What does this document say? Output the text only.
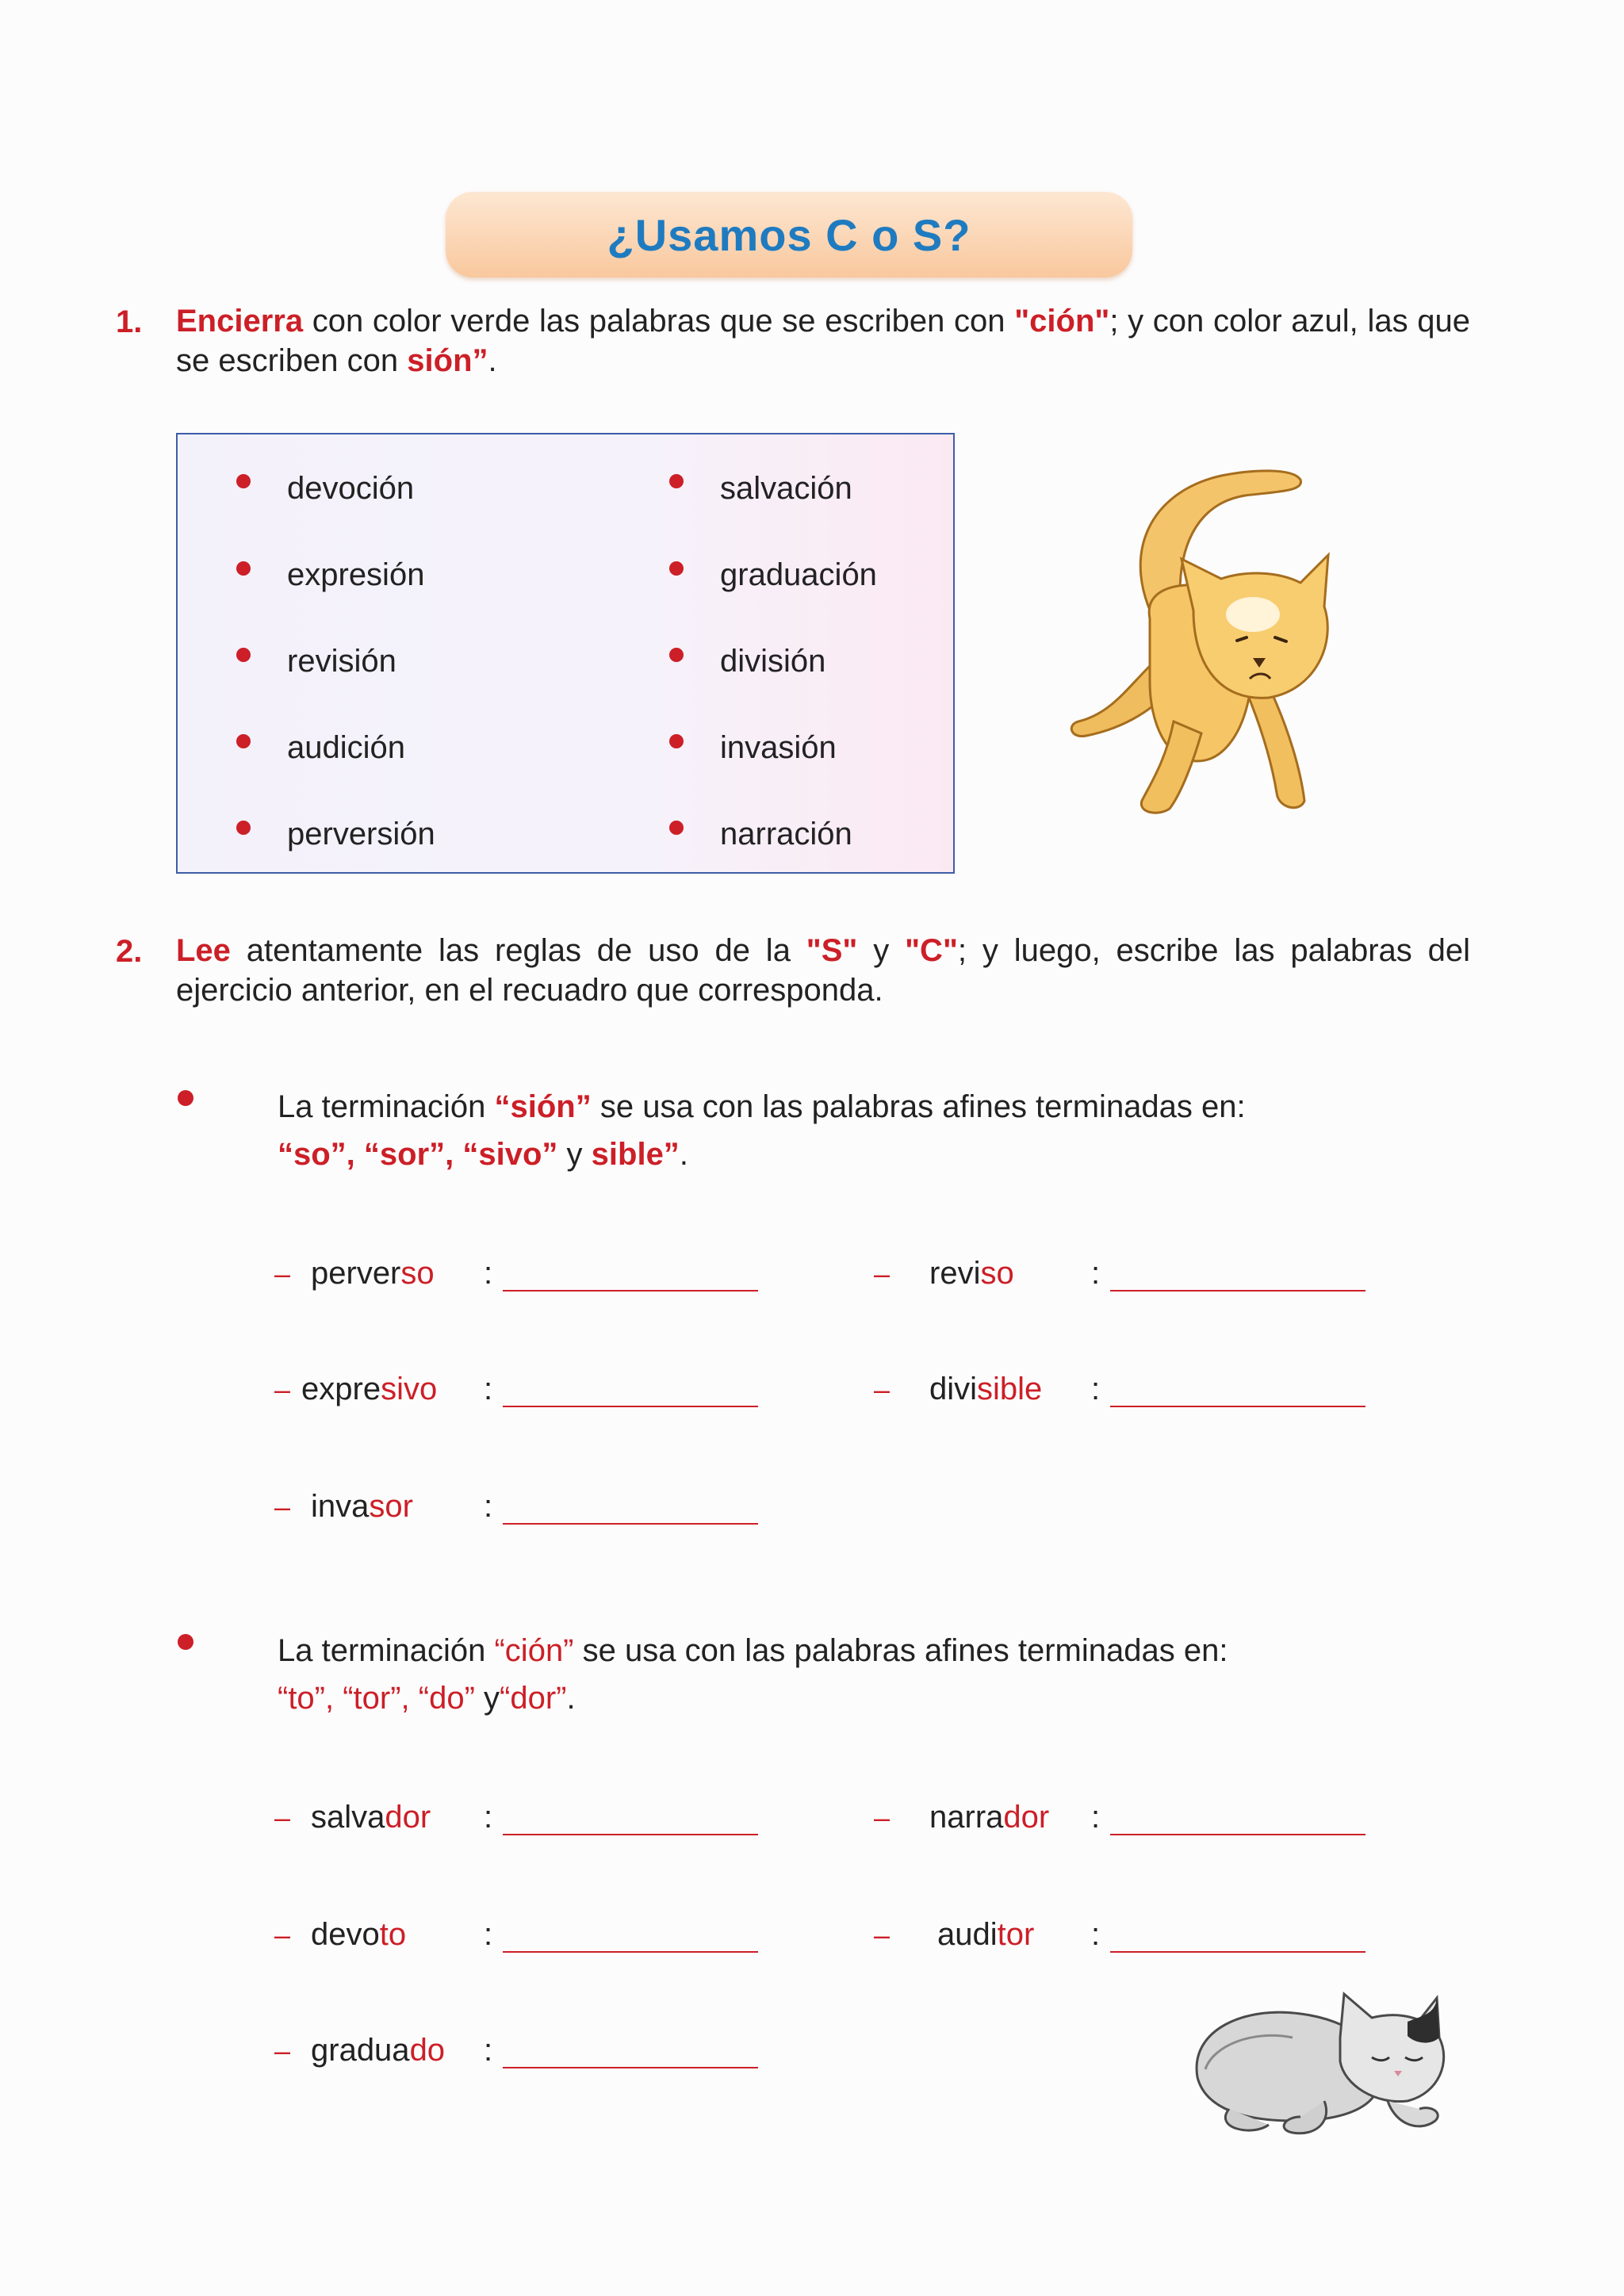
¿Usamos C o S?
1. Encierra con color verde las palabras que se escriben con "ción"; y con color azul, las que se escriben con sión”.
devoción
expresión
revisión
audición
perversión
salvación
graduación
división
invasión
narración
2. Lee atentamente las reglas de uso de la "S" y "C"; y luego, escribe las palabras del ejercicio anterior, en el recuadro que corresponda.
La terminación “sión” se usa con las palabras afines terminadas en:
“so”, “sor”, “sivo” y sible”.
– perverso :	– reviso :
– expresivo :	– divisible :
– invasor :
La terminación “ción” se usa con las palabras afines terminadas en:
“to”, “tor”, “do” y“dor”.
– salvador :	– narrador :
– devoto :	– auditor :
– graduado :
